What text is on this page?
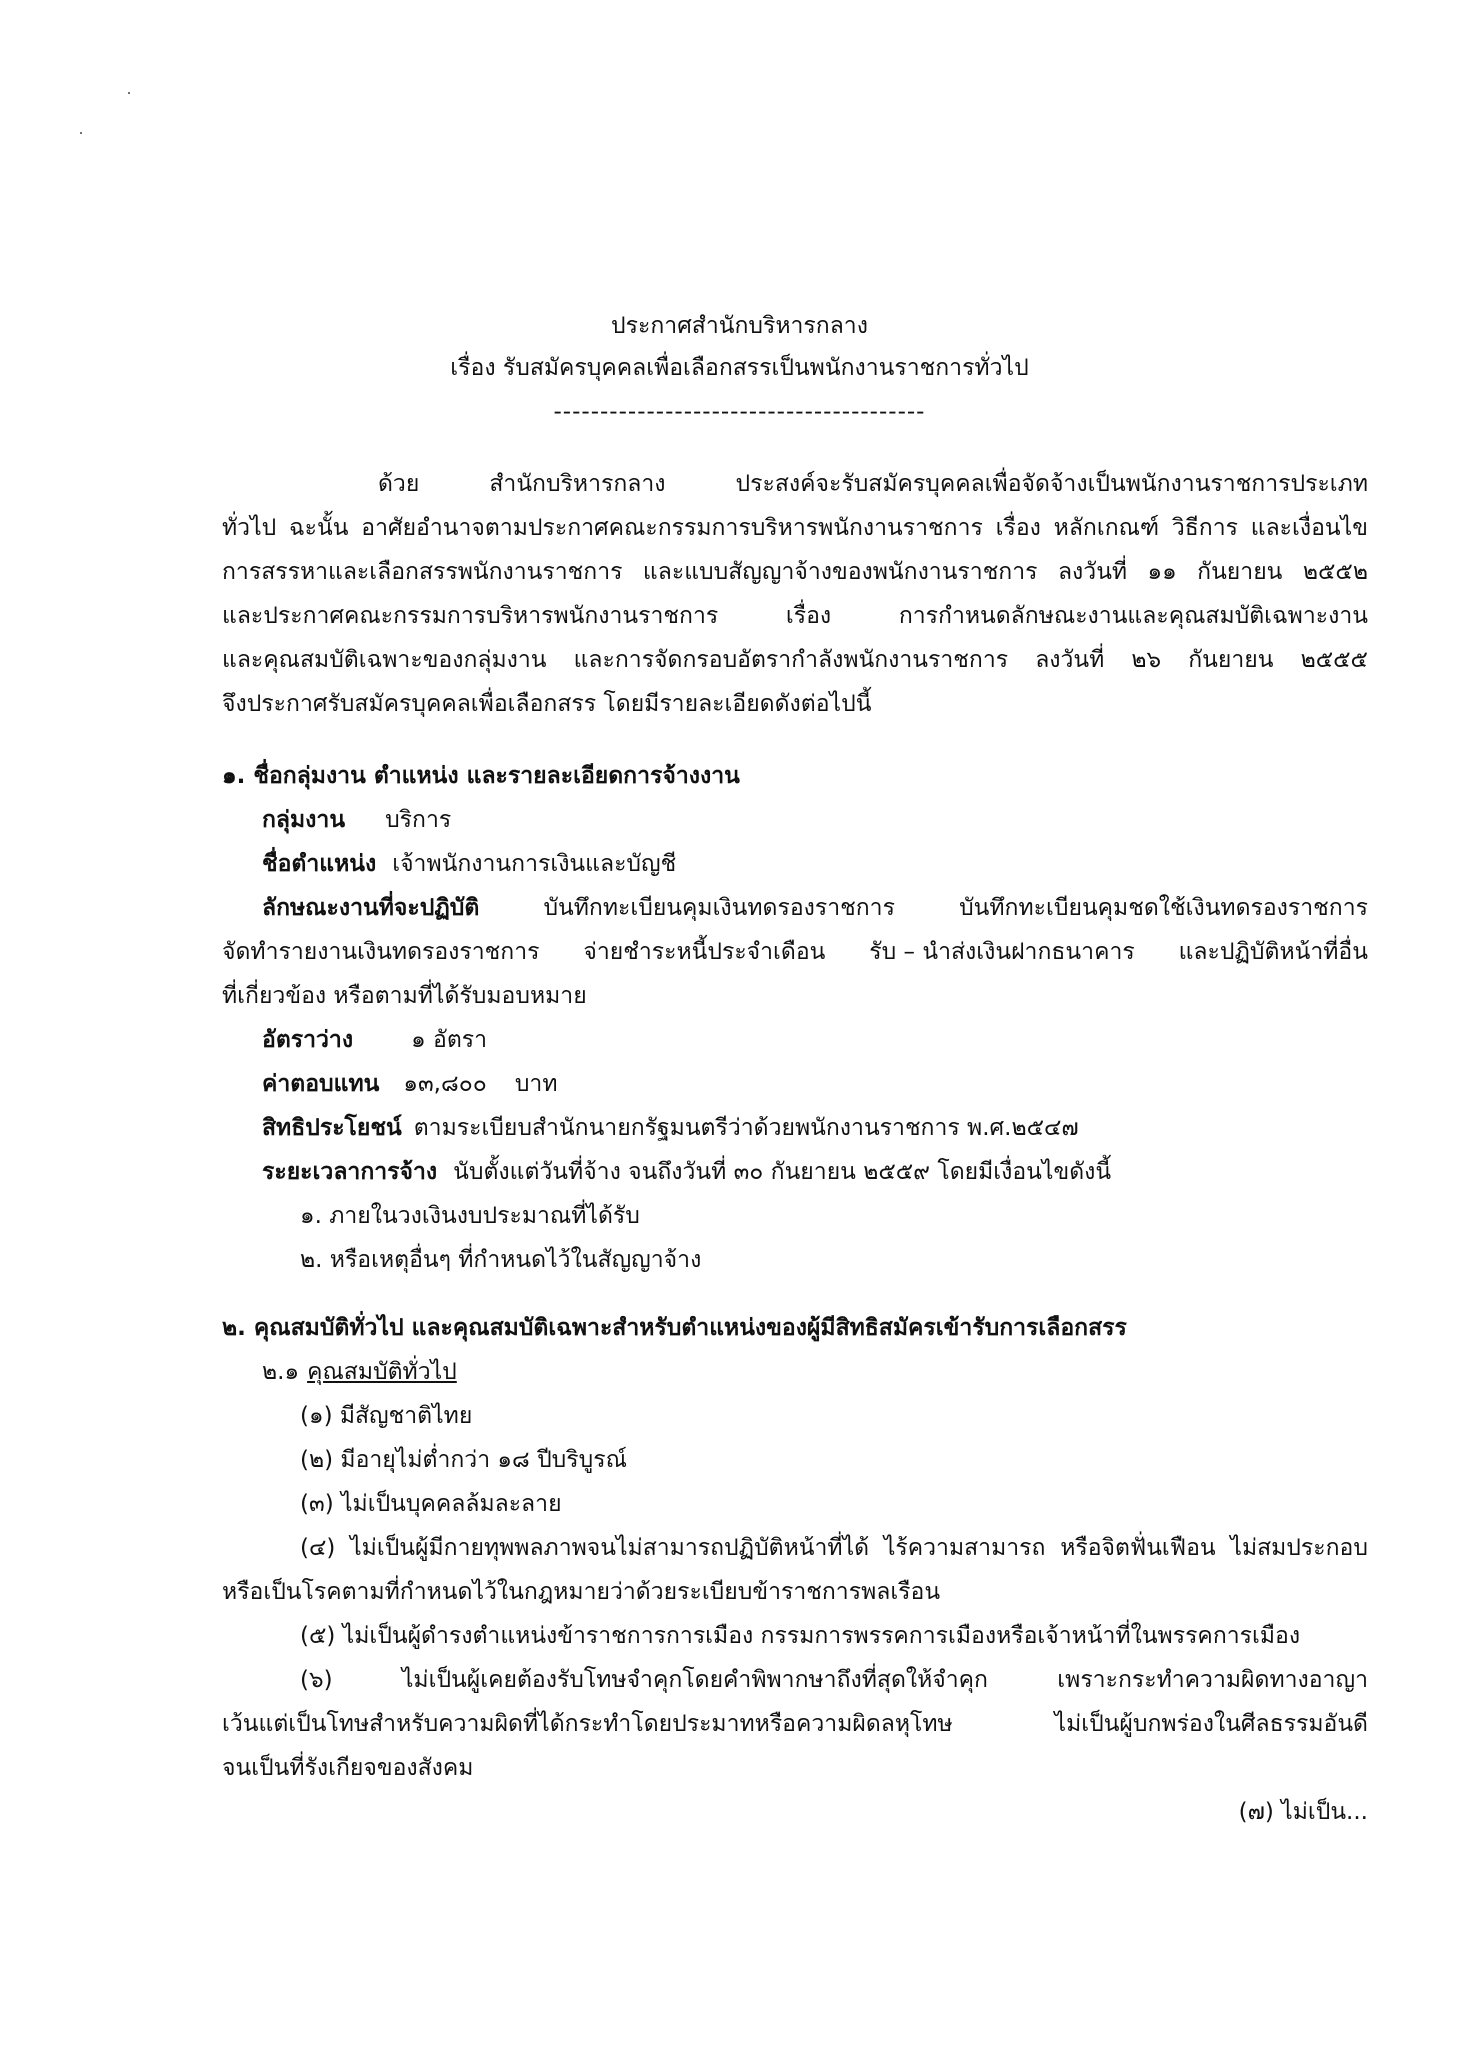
ประกาศสำนักบริหารกลาง
เรื่อง รับสมัครบุคคลเพื่อเลือกสรรเป็นพนักงานราชการทั่วไป
----------------------------------------
ด้วย	สำนักบริหารกลาง	ประสงค์จะรับสมัครบุคคลเพื่อจัดจ้างเป็นพนักงานราชการประเภท
ทั่วไป ฉะนั้น อาศัยอำนาจตามประกาศคณะกรรมการบริหารพนักงานราชการ เรื่อง หลักเกณฑ์ วิธีการ และเงื่อนไข
การสรรหาและเลือกสรรพนักงานราชการ และแบบสัญญาจ้างของพนักงานราชการ ลงวันที่ ๑๑ กันยายน ๒๕๕๒
และประกาศคณะกรรมการบริหารพนักงานราชการ	เรื่อง	การกำหนดลักษณะงานและคุณสมบัติเฉพาะงาน
และคุณสมบัติเฉพาะของกลุ่มงาน และการจัดกรอบอัตรากำลังพนักงานราชการ ลงวันที่ ๒๖ กันยายน ๒๕๕๕
จึงประกาศรับสมัครบุคคลเพื่อเลือกสรร โดยมีรายละเอียดดังต่อไปนี้
๑. ชื่อกลุ่มงาน ตำแหน่ง และรายละเอียดการจ้างงาน
กลุ่มงาน บริการ
ชื่อตำแหน่ง เจ้าพนักงานการเงินและบัญชี
ลักษณะงานที่จะปฏิบัติ	บันทึกทะเบียนคุมเงินทดรองราชการ	บันทึกทะเบียนคุมชดใช้เงินทดรองราชการ
จัดทำรายงานเงินทดรองราชการ จ่ายชำระหนี้ประจำเดือน รับ – นำส่งเงินฝากธนาคาร และปฏิบัติหน้าที่อื่น
ที่เกี่ยวข้อง หรือตามที่ได้รับมอบหมาย
อัตราว่าง	๑ อัตรา
ค่าตอบแทน ๑๓,๘๐๐ บาท
สิทธิประโยชน์ ตามระเบียบสำนักนายกรัฐมนตรีว่าด้วยพนักงานราชการ พ.ศ.๒๕๔๗
ระยะเวลาการจ้าง นับตั้งแต่วันที่จ้าง จนถึงวันที่ ๓๐ กันยายน ๒๕๕๙ โดยมีเงื่อนไขดังนี้
๑. ภายในวงเงินงบประมาณที่ได้รับ
๒. หรือเหตุอื่นๆ ที่กำหนดไว้ในสัญญาจ้าง
๒. คุณสมบัติทั่วไป และคุณสมบัติเฉพาะสำหรับตำแหน่งของผู้มีสิทธิสมัครเข้ารับการเลือกสรร
๒.๑ คุณสมบัติทั่วไป
(๑) มีสัญชาติไทย
(๒) มีอายุไม่ต่ำกว่า ๑๘ ปีบริบูรณ์
(๓) ไม่เป็นบุคคลล้มละลาย
(๔) ไม่เป็นผู้มีกายทุพพลภาพจนไม่สามารถปฏิบัติหน้าที่ได้ ไร้ความสามารถ หรือจิตฟั่นเฟือน ไม่สมประกอบ
หรือเป็นโรคตามที่กำหนดไว้ในกฎหมายว่าด้วยระเบียบข้าราชการพลเรือน
(๕) ไม่เป็นผู้ดำรงตำแหน่งข้าราชการการเมือง กรรมการพรรคการเมืองหรือเจ้าหน้าที่ในพรรคการเมือง
(๖)	ไม่เป็นผู้เคยต้องรับโทษจำคุกโดยคำพิพากษาถึงที่สุดให้จำคุก	เพราะกระทำความผิดทางอาญา
เว้นแต่เป็นโทษสำหรับความผิดที่ได้กระทำโดยประมาทหรือความผิดลหุโทษ	ไม่เป็นผู้บกพร่องในศีลธรรมอันดี
จนเป็นที่รังเกียจของสังคม
(๗) ไม่เป็น...
